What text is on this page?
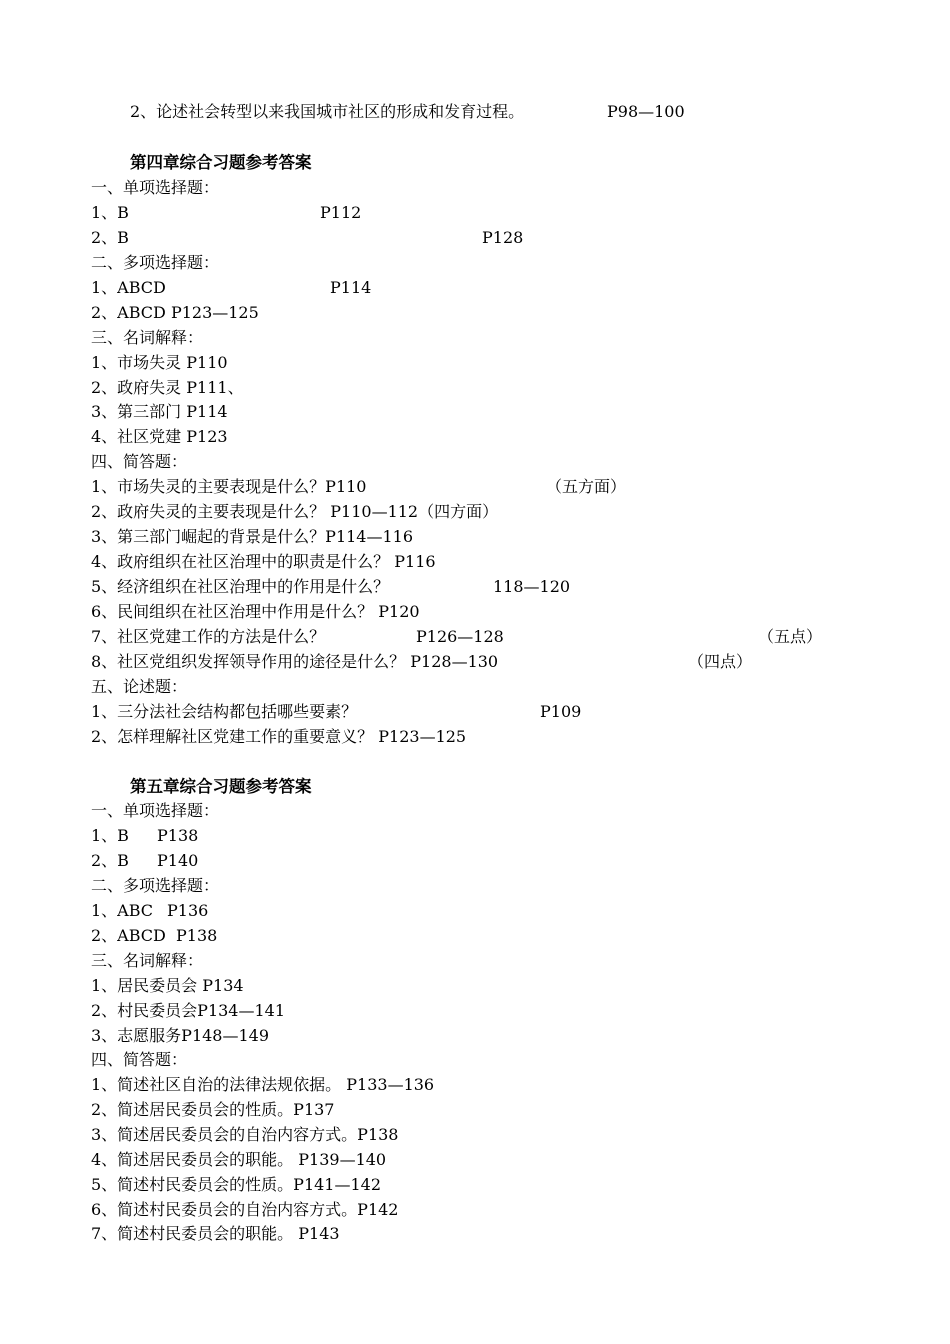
2、论述社会转型以来我国城市社区的形成和发育过程。	P98—100
第四章综合习题参考答案
一、单项选择题：
1、B	P112
2、B	P128
二、多项选择题：
1、ABCD	P114
2、ABCD P123—125
三、名词解释：
1、市场失灵 P110
2、政府失灵 P111、
3、第三部门 P114
4、社区党建 P123
四、简答题：
1、市场失灵的主要表现是什么？P110	（五方面）
2、政府失灵的主要表现是什么？ P110—112（四方面）
3、第三部门崛起的背景是什么？P114—116
4、政府组织在社区治理中的职责是什么？ P116
5、经济组织在社区治理中的作用是什么？	118—120
6、民间组织在社区治理中作用是什么？ P120
7、社区党建工作的方法是什么？	P126—128	（五点）
8、社区党组织发挥领导作用的途径是什么？ P128—130	（四点）
五、论述题：
1、三分法社会结构都包括哪些要素？	P109
2、怎样理解社区党建工作的重要意义？ P123—125
第五章综合习题参考答案
一、单项选择题：
1、B P138
2、B P140
二、多项选择题：
1、ABC P136
2、ABCD P138
三、名词解释：
1、居民委员会 P134
2、村民委员会P134—141
3、志愿服务P148—149
四、简答题：
1、简述社区自治的法律法规依据。 P133—136
2、简述居民委员会的性质。P137
3、简述居民委员会的自治内容方式。P138
4、简述居民委员会的职能。 P139—140
5、简述村民委员会的性质。P141—142
6、简述村民委员会的自治内容方式。P142
7、简述村民委员会的职能。 P143
